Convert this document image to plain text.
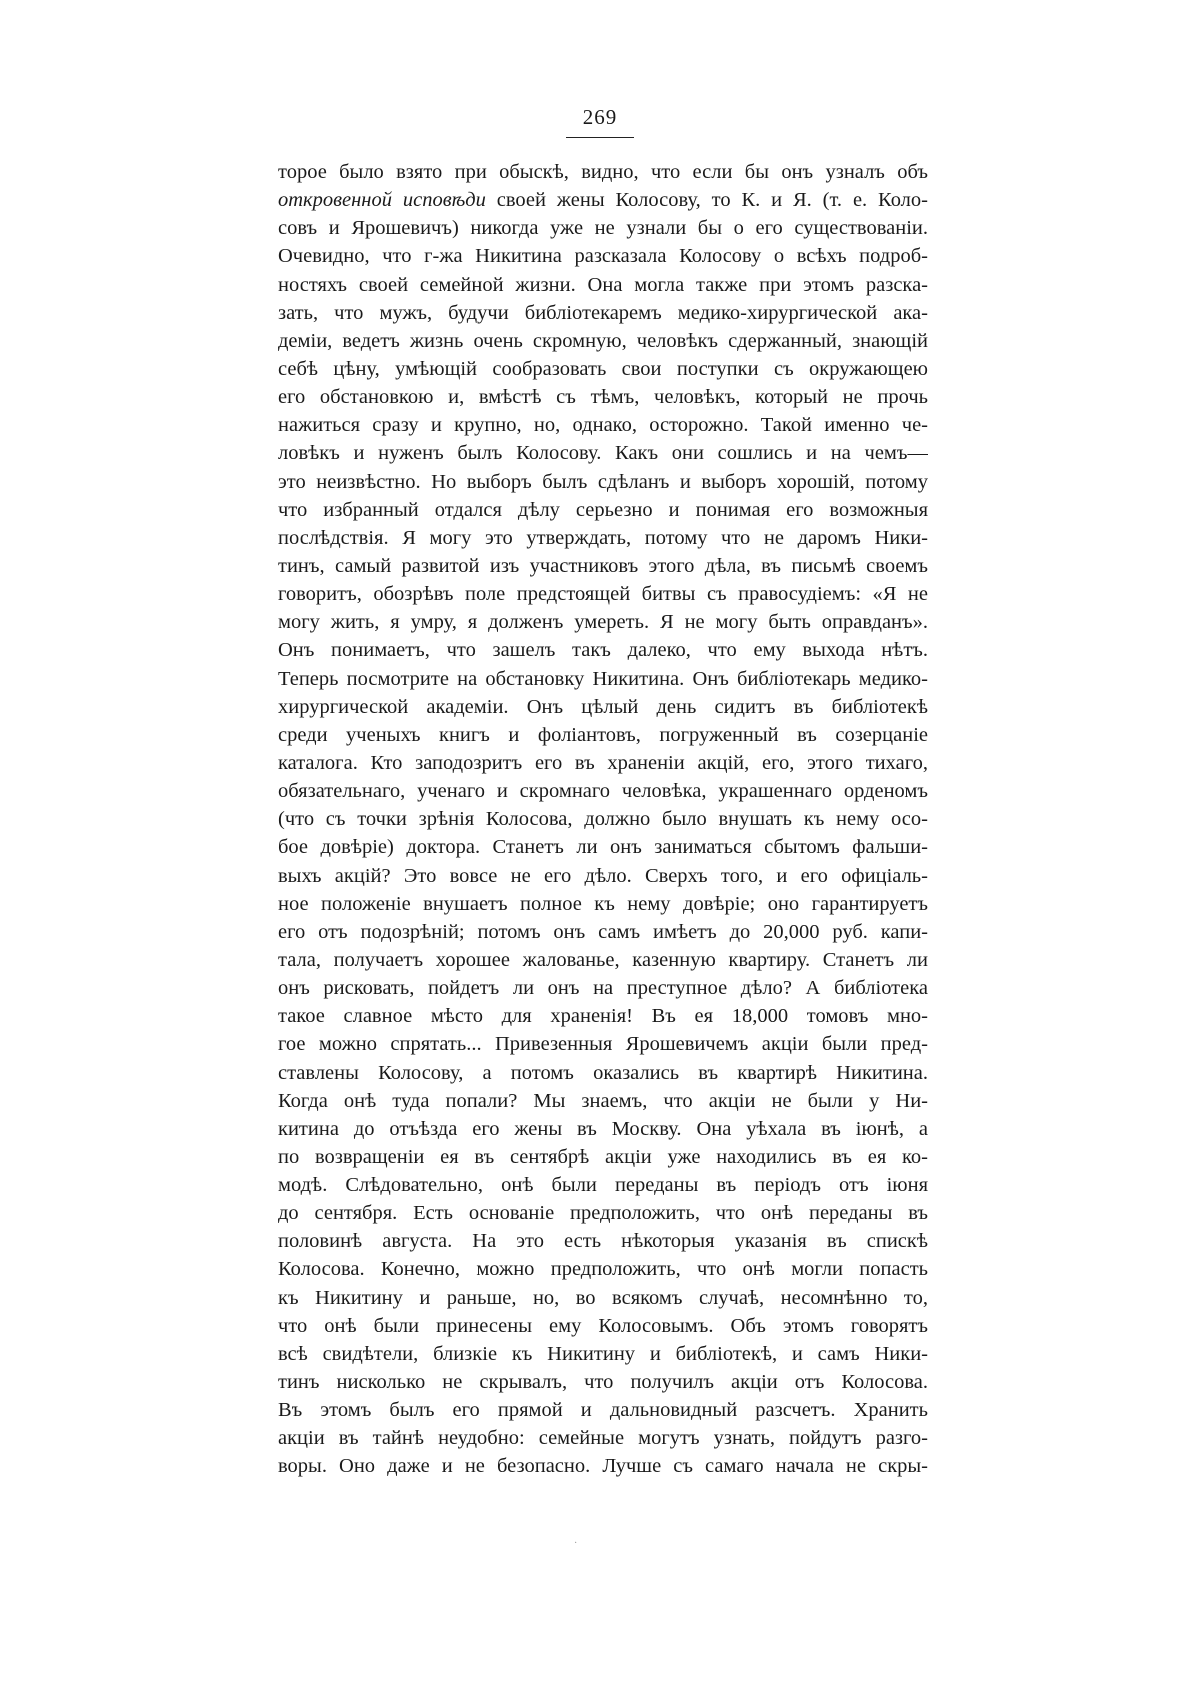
269
торое было взято при обыскѣ, видно, что если бы онъ узналъ объ
откровенной исповѣди своей жены Колосову, то К. и Я. (т. е. Коло-
совъ и Ярошевичъ) никогда уже не узнали бы о его существованіи.
Очевидно, что г-жа Никитина разсказала Колосову о всѣхъ подроб-
ностяхъ своей семейной жизни. Она могла также при этомъ разска-
зать, что мужъ, будучи библіотекаремъ медико-хирургической ака-
деміи, ведетъ жизнь очень скромную, человѣкъ сдержанный, знающій
себѣ цѣну, умѣющій сообразовать свои поступки съ окружающею
его обстановкою и, вмѣстѣ съ тѣмъ, человѣкъ, который не прочь
нажиться сразу и крупно, но, однако, осторожно. Такой именно че-
ловѣкъ и нуженъ былъ Колосову. Какъ они сошлись и на чемъ—
это неизвѣстно. Но выборъ былъ сдѣланъ и выборъ хорошій, потому
что избранный отдался дѣлу серьезно и понимая его возможныя
послѣдствія. Я могу это утверждать, потому что не даромъ Ники-
тинъ, самый развитой изъ участниковъ этого дѣла, въ письмѣ своемъ
говоритъ, обозрѣвъ поле предстоящей битвы съ правосудіемъ: «Я не
могу жить, я умру, я долженъ умереть. Я не могу быть оправданъ».
Онъ понимаетъ, что зашелъ такъ далеко, что ему выхода нѣтъ.
Теперь посмотрите на обстановку Никитина. Онъ библіотекарь медико-
хирургической академіи. Онъ цѣлый день сидитъ въ библіотекѣ
среди ученыхъ книгъ и фоліантовъ, погруженный въ созерцаніе
каталога. Кто заподозритъ его въ храненіи акцій, его, этого тихаго,
обязательнаго, ученаго и скромнаго человѣка, украшеннаго орденомъ
(что съ точки зрѣнія Колосова, должно было внушать къ нему осо-
бое довѣріе) доктора. Станетъ ли онъ заниматься сбытомъ фальши-
выхъ акцій? Это вовсе не его дѣло. Сверхъ того, и его офиціаль-
ное положеніе внушаетъ полное къ нему довѣріе; оно гарантируетъ
его отъ подозрѣній; потомъ онъ самъ имѣетъ до 20,000 руб. капи-
тала, получаетъ хорошее жалованье, казенную квартиру. Станетъ ли
онъ рисковать, пойдетъ ли онъ на преступное дѣло? А библіотека
такое славное мѣсто для храненія! Въ ея 18,000 томовъ мно-
гое можно спрятать... Привезенныя Ярошевичемъ акціи были пред-
ставлены Колосову, а потомъ оказались въ квартирѣ Никитина.
Когда онѣ туда попали? Мы знаемъ, что акціи не были у Ни-
китина до отъѣзда его жены въ Москву. Она уѣхала въ іюнѣ, а
по возвращеніи ея въ сентябрѣ акціи уже находились въ ея ко-
модѣ. Слѣдовательно, онѣ были переданы въ періодъ отъ іюня
до сентября. Есть основаніе предположить, что онѣ переданы въ
половинѣ августа. На это есть нѣкоторыя указанія въ спискѣ
Колосова. Конечно, можно предположить, что онѣ могли попасть
къ Никитину и раньше, но, во всякомъ случаѣ, несомнѣнно то,
что онѣ были принесены ему Колосовымъ. Объ этомъ говорятъ
всѣ свидѣтели, близкіе къ Никитину и библіотекѣ, и самъ Ники-
тинъ нисколько не скрывалъ, что получилъ акціи отъ Колосова.
Въ этомъ былъ его прямой и дальновидный разсчетъ. Хранить
акціи въ тайнѣ неудобно: семейные могутъ узнать, пойдутъ разго-
воры. Оно даже и не безопасно. Лучше съ самаго начала не скры-
·
